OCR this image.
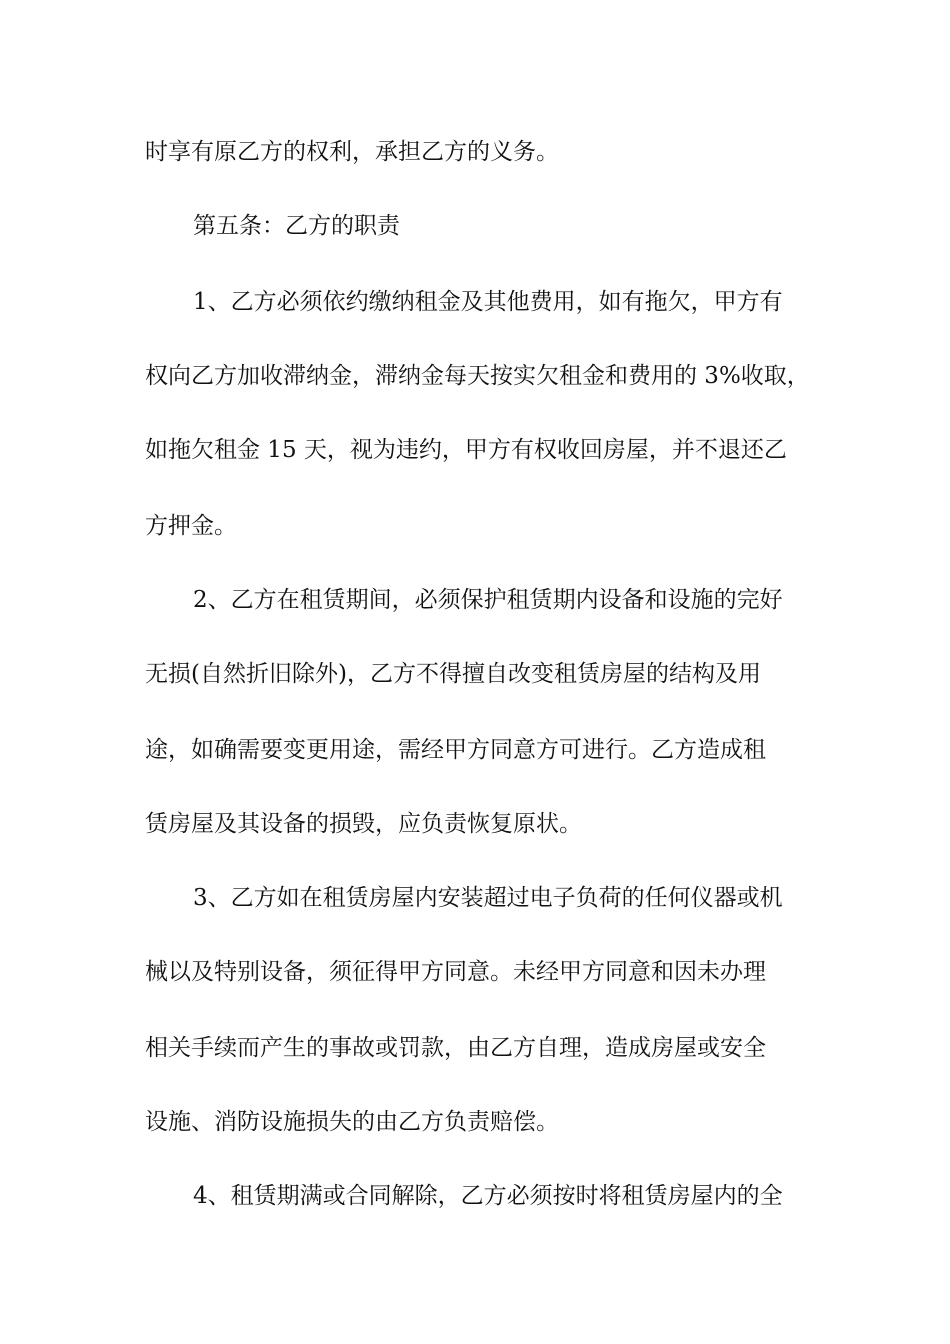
时享有原乙方的权利，承担乙方的义务。
第五条：乙方的职责
1、乙方必须依约缴纳租金及其他费用，如有拖欠，甲方有
权向乙方加收滞纳金，滞纳金每天按实欠租金和费用的 3%收取，
如拖欠租金 15 天，视为违约，甲方有权收回房屋，并不退还乙
方押金。
2、乙方在租赁期间，必须保护租赁期内设备和设施的完好
无损(自然折旧除外)，乙方不得擅自改变租赁房屋的结构及用
途，如确需要变更用途，需经甲方同意方可进行。乙方造成租
赁房屋及其设备的损毁，应负责恢复原状。
3、乙方如在租赁房屋内安装超过电子负荷的任何仪器或机
械以及特别设备，须征得甲方同意。未经甲方同意和因未办理
相关手续而产生的事故或罚款，由乙方自理，造成房屋或安全
设施、消防设施损失的由乙方负责赔偿。
4、租赁期满或合同解除，乙方必须按时将租赁房屋内的全
